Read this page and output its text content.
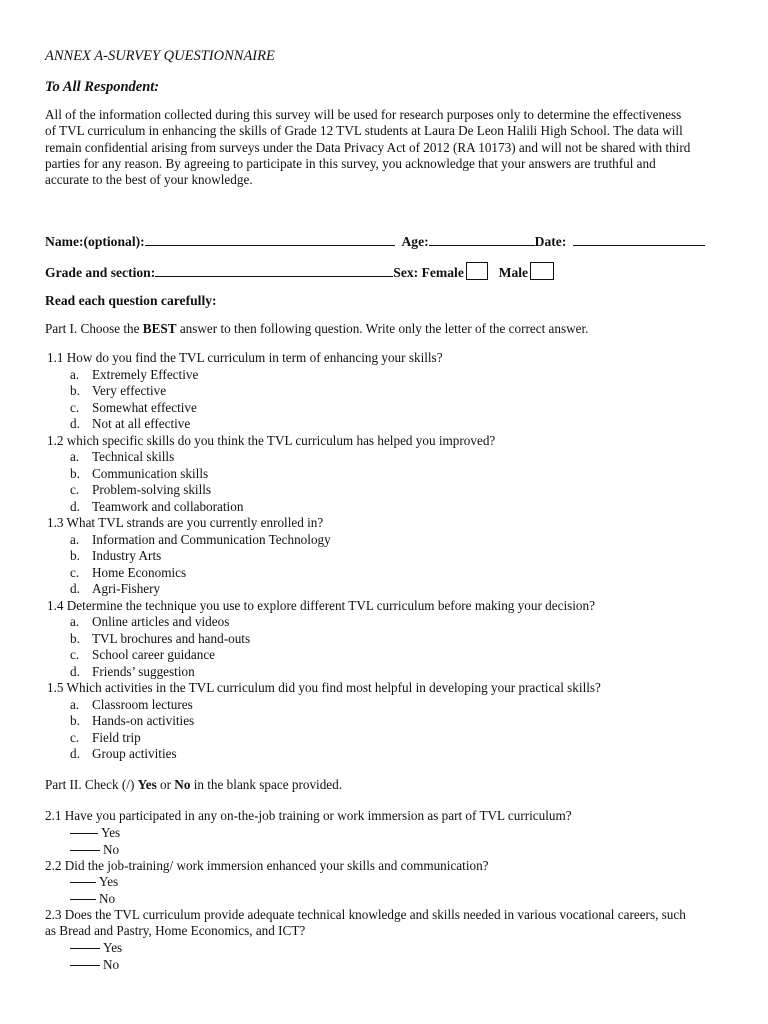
ANNEX A-SURVEY QUESTIONNAIRE
To All Respondent:
All of the information collected during this survey will be used for research purposes only to determine the effectiveness
of TVL curriculum in enhancing the skills of Grade 12 TVL students at Laura De Leon Halili High School. The data will
remain confidential arising from surveys under the Data Privacy Act of 2012 (RA 10173) and will not be shared with third
parties for any reason. By agreeing to participate in this survey, you acknowledge that your answers are truthful and
accurate to the best of your knowledge.
Name:(optional):	Age:	Date:
Grade and section:	Sex: Female	Male
Read each question carefully:
Part I. Choose the BEST answer to then following question. Write only the letter of the correct answer.
1.1 How do you find the TVL curriculum in term of enhancing your skills?
a. Extremely Effective
b. Very effective
c. Somewhat effective
d. Not at all effective
1.2 which specific skills do you think the TVL curriculum has helped you improved?
a. Technical skills
b. Communication skills
c. Problem-solving skills
d. Teamwork and collaboration
1.3 What TVL strands are you currently enrolled in?
a. Information and Communication Technology
b. Industry Arts
c. Home Economics
d. Agri-Fishery
1.4 Determine the technique you use to explore different TVL curriculum before making your decision?
a. Online articles and videos
b. TVL brochures and hand-outs
c. School career guidance
d. Friends’ suggestion
1.5 Which activities in the TVL curriculum did you find most helpful in developing your practical skills?
a. Classroom lectures
b. Hands-on activities
c. Field trip
d. Group activities
Part II. Check (/) Yes or No in the blank space provided.
2.1 Have you participated in any on-the-job training or work immersion as part of TVL curriculum?
Yes
No
2.2 Did the job-training/ work immersion enhanced your skills and communication?
Yes
No
2.3 Does the TVL curriculum provide adequate technical knowledge and skills needed in various vocational careers, such
as Bread and Pastry, Home Economics, and ICT?
Yes
No
